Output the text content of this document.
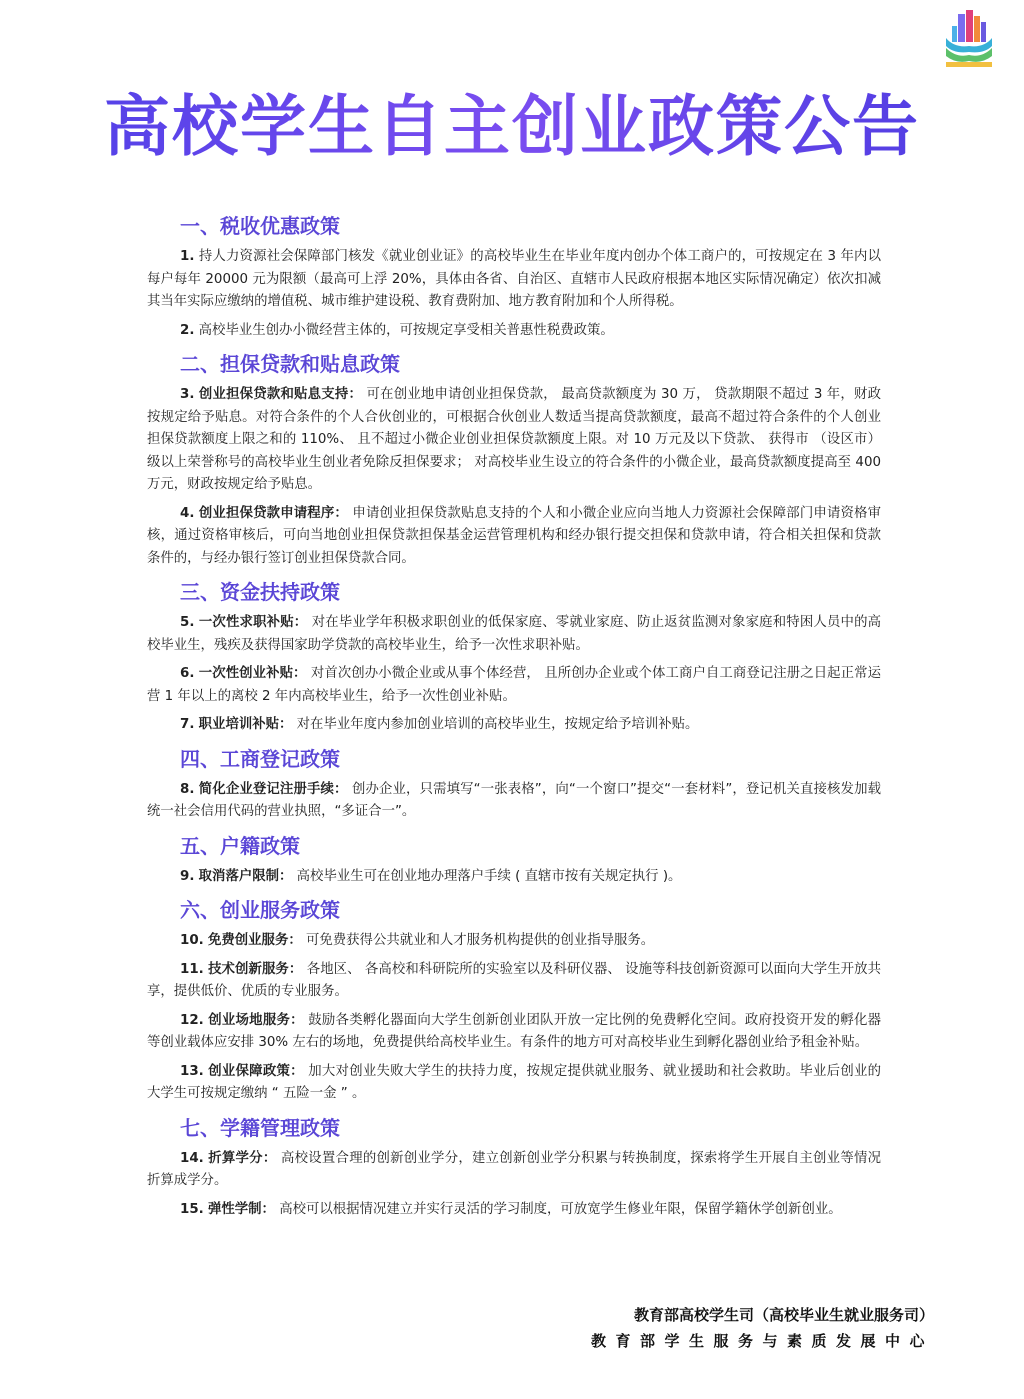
高校学生自主创业政策公告
一、税收优惠政策
1. 持人力资源社会保障部门核发《就业创业证》的高校毕业生在毕业年度内创办个体工商户的，可按规定在 3 年内以每户每年 20000 元为限额（最高可上浮 20%，具体由各省、自治区、直辖市人民政府根据本地区实际情况确定）依次扣减其当年实际应缴纳的增值税、城市维护建设税、教育费附加、地方教育附加和个人所得税。
2. 高校毕业生创办小微经营主体的，可按规定享受相关普惠性税费政策。
二、担保贷款和贴息政策
3. 创业担保贷款和贴息支持： 可在创业地申请创业担保贷款， 最高贷款额度为 30 万， 贷款期限不超过 3 年，财政按规定给予贴息。对符合条件的个人合伙创业的，可根据合伙创业人数适当提高贷款额度，最高不超过符合条件的个人创业担保贷款额度上限之和的 110%、 且不超过小微企业创业担保贷款额度上限。对 10 万元及以下贷款、 获得市 （设区市） 级以上荣誉称号的高校毕业生创业者免除反担保要求； 对高校毕业生设立的符合条件的小微企业，最高贷款额度提高至 400 万元，财政按规定给予贴息。
4. 创业担保贷款申请程序： 申请创业担保贷款贴息支持的个人和小微企业应向当地人力资源社会保障部门申请资格审核，通过资格审核后，可向当地创业担保贷款担保基金运营管理机构和经办银行提交担保和贷款申请，符合相关担保和贷款条件的，与经办银行签订创业担保贷款合同。
三、资金扶持政策
5. 一次性求职补贴： 对在毕业学年积极求职创业的低保家庭、零就业家庭、防止返贫监测对象家庭和特困人员中的高校毕业生，残疾及获得国家助学贷款的高校毕业生，给予一次性求职补贴。
6. 一次性创业补贴： 对首次创办小微企业或从事个体经营， 且所创办企业或个体工商户自工商登记注册之日起正常运营 1 年以上的离校 2 年内高校毕业生，给予一次性创业补贴。
7. 职业培训补贴： 对在毕业年度内参加创业培训的高校毕业生，按规定给予培训补贴。
四、工商登记政策
8. 简化企业登记注册手续： 创办企业，只需填写“一张表格”，向“一个窗口”提交“一套材料”，登记机关直接核发加载统一社会信用代码的营业执照，“多证合一”。
五、户籍政策
9. 取消落户限制： 高校毕业生可在创业地办理落户手续 ( 直辖市按有关规定执行 )。
六、创业服务政策
10. 免费创业服务： 可免费获得公共就业和人才服务机构提供的创业指导服务。
11. 技术创新服务： 各地区、 各高校和科研院所的实验室以及科研仪器、 设施等科技创新资源可以面向大学生开放共享，提供低价、优质的专业服务。
12. 创业场地服务： 鼓励各类孵化器面向大学生创新创业团队开放一定比例的免费孵化空间。政府投资开发的孵化器等创业载体应安排 30% 左右的场地，免费提供给高校毕业生。有条件的地方可对高校毕业生到孵化器创业给予租金补贴。
13. 创业保障政策： 加大对创业失败大学生的扶持力度，按规定提供就业服务、就业援助和社会救助。毕业后创业的大学生可按规定缴纳 “ 五险一金 ” 。
七、学籍管理政策
14. 折算学分： 高校设置合理的创新创业学分，建立创新创业学分积累与转换制度，探索将学生开展自主创业等情况折算成学分。
15. 弹性学制： 高校可以根据情况建立并实行灵活的学习制度，可放宽学生修业年限，保留学籍休学创新创业。
教育部高校学生司（高校毕业生就业服务司）
教育部学生服务与素质发展中心
